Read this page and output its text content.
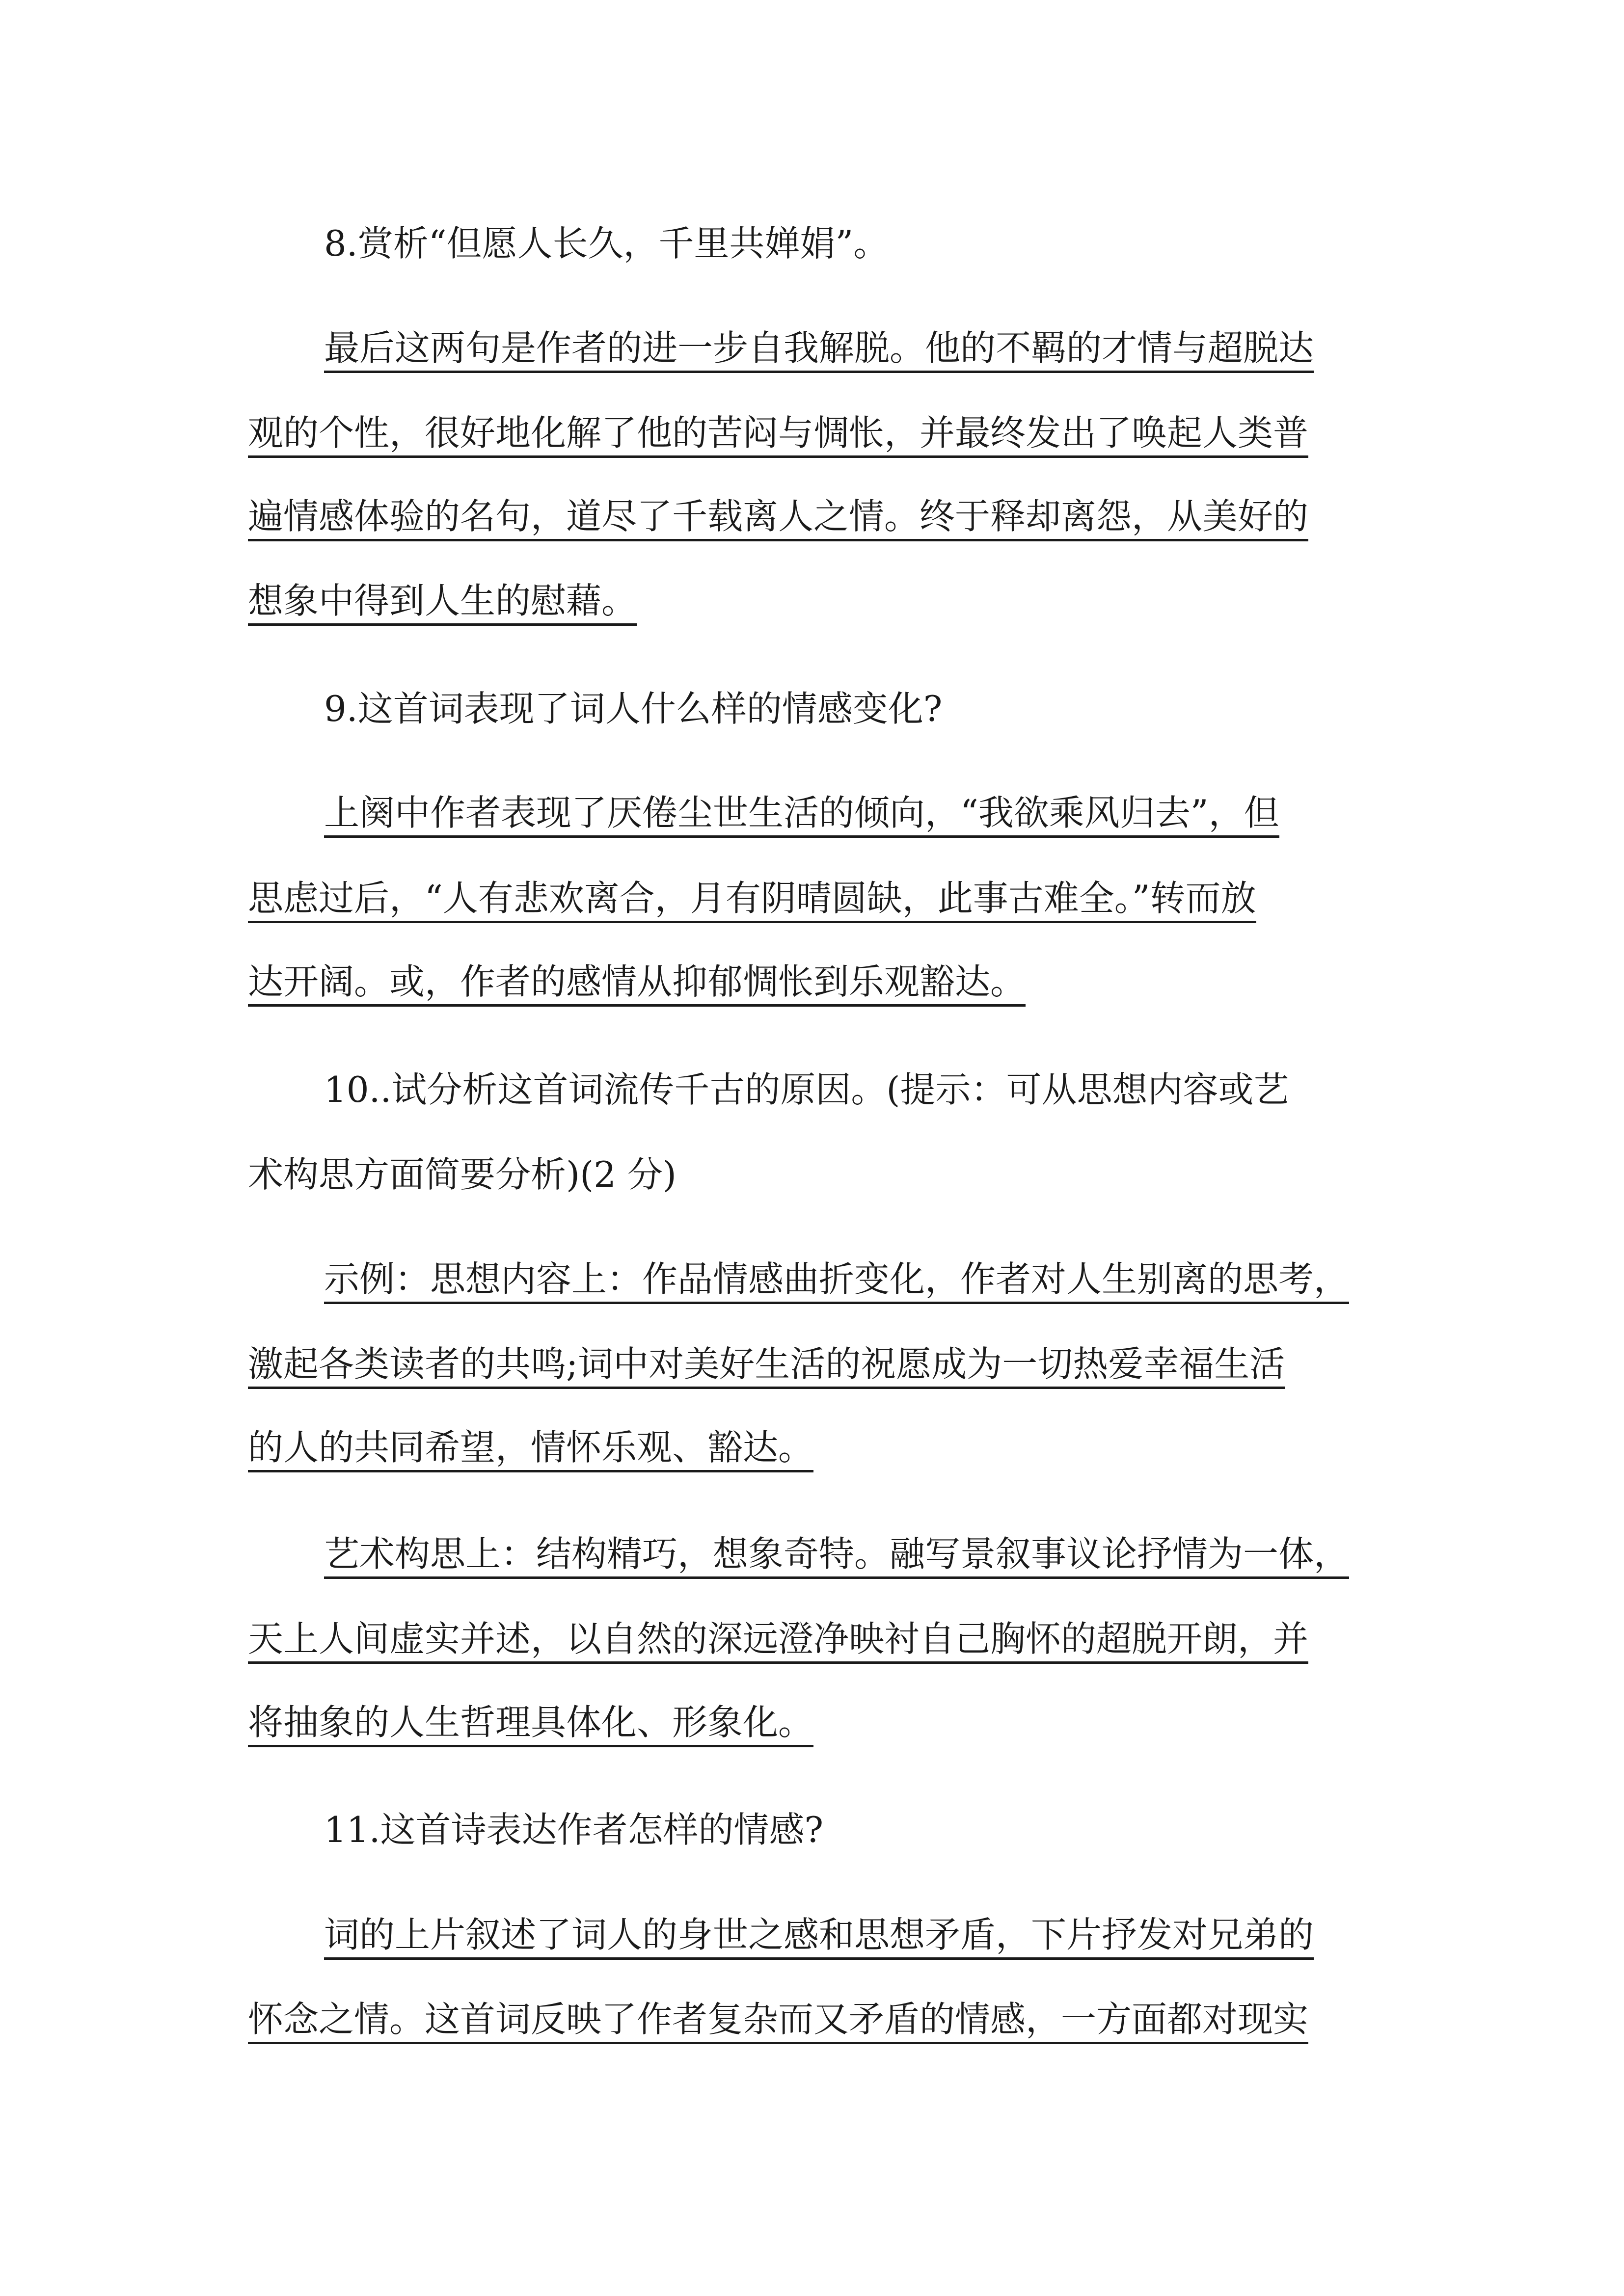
8.赏析“但愿人长久，千里共婵娟”。
最后这两句是作者的进一步自我解脱。他的不羁的才情与超脱达
观的个性，很好地化解了他的苦闷与惆怅，并最终发出了唤起人类普
遍情感体验的名句，道尽了千载离人之情。终于释却离怨，从美好的
想象中得到人生的慰藉。
9.这首词表现了词人什么样的情感变化?
上阕中作者表现了厌倦尘世生活的倾向，“我欲乘风归去”，但
思虑过后，“人有悲欢离合，月有阴晴圆缺，此事古难全。”转而放
达开阔。或，作者的感情从抑郁惆怅到乐观豁达。
10..试分析这首词流传千古的原因。(提示：可从思想内容或艺
术构思方面简要分析)(2 分)
示例：思想内容上：作品情感曲折变化，作者对人生别离的思考，
激起各类读者的共鸣;词中对美好生活的祝愿成为一切热爱幸福生活
的人的共同希望，情怀乐观、豁达。
艺术构思上：结构精巧，想象奇特。融写景叙事议论抒情为一体，
天上人间虚实并述，以自然的深远澄净映衬自己胸怀的超脱开朗，并
将抽象的人生哲理具体化、形象化。
11.这首诗表达作者怎样的情感?
词的上片叙述了词人的身世之感和思想矛盾，下片抒发对兄弟的
怀念之情。这首词反映了作者复杂而又矛盾的情感，一方面都对现实
